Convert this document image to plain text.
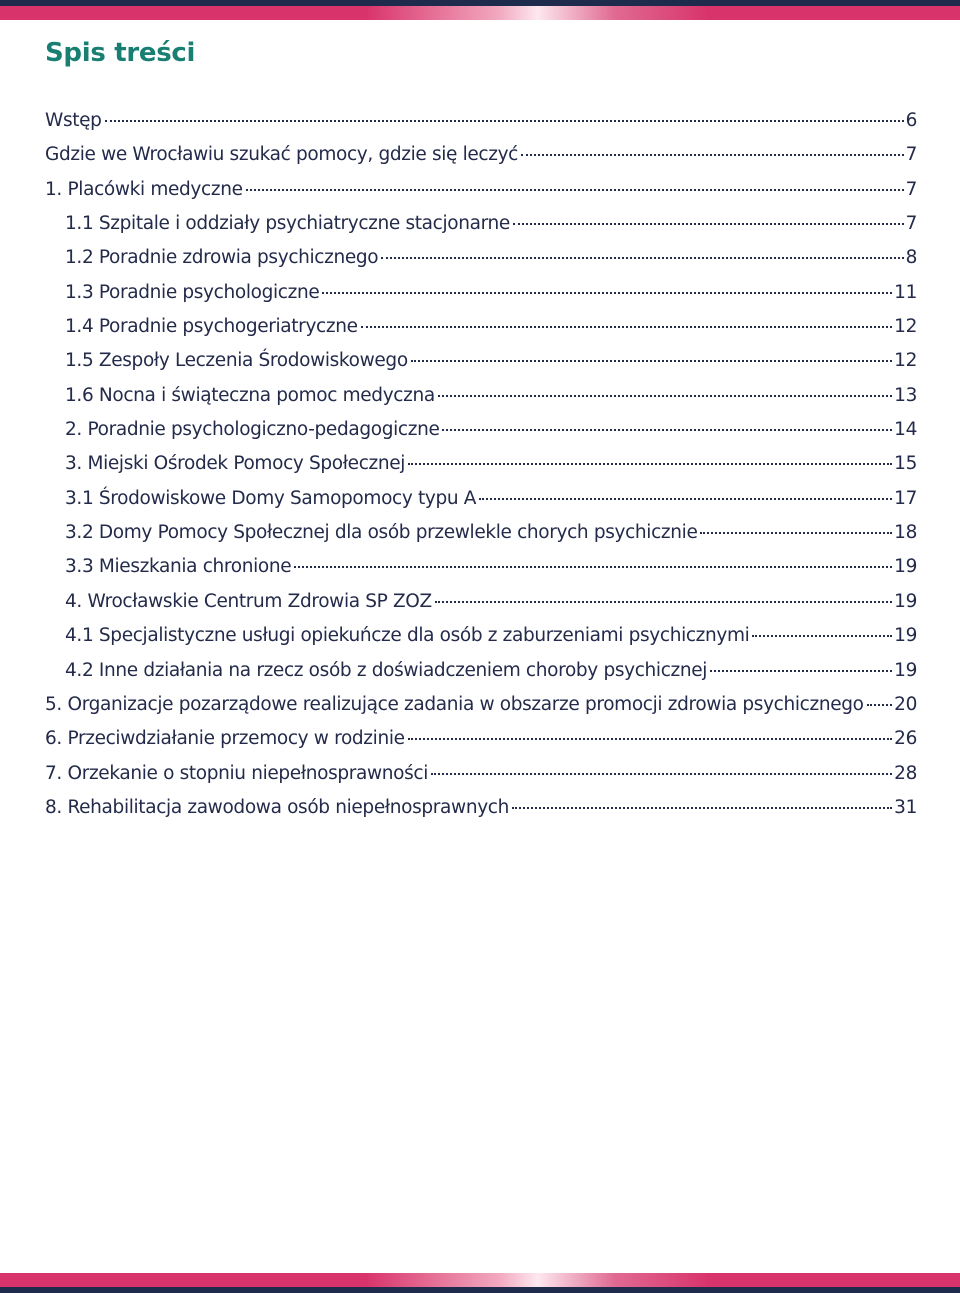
Spis treści
Wstęp	6
Gdzie we Wrocławiu szukać pomocy, gdzie się leczyć	7
1. Placówki medyczne	7
1.1 Szpitale i oddziały psychiatryczne stacjonarne	7
1.2 Poradnie zdrowia psychicznego	8
1.3 Poradnie psychologiczne	11
1.4 Poradnie psychogeriatryczne	12
1.5 Zespoły Leczenia Środowiskowego	12
1.6 Nocna i świąteczna pomoc medyczna	13
2. Poradnie psychologiczno-pedagogiczne	14
3. Miejski Ośrodek Pomocy Społecznej	15
3.1 Środowiskowe Domy Samopomocy typu A	17
3.2 Domy Pomocy Społecznej dla osób przewlekle chorych psychicznie	18
3.3 Mieszkania chronione	19
4. Wrocławskie Centrum Zdrowia SP ZOZ	19
4.1 Specjalistyczne usługi opiekuńcze dla osób z zaburzeniami psychicznymi	19
4.2 Inne działania na rzecz osób z doświadczeniem choroby psychicznej	19
5. Organizacje pozarządowe realizujące zadania w obszarze promocji zdrowia psychicznego 20
6. Przeciwdziałanie przemocy w rodzinie	26
7. Orzekanie o stopniu niepełnosprawności	28
8. Rehabilitacja zawodowa osób niepełnosprawnych	31
